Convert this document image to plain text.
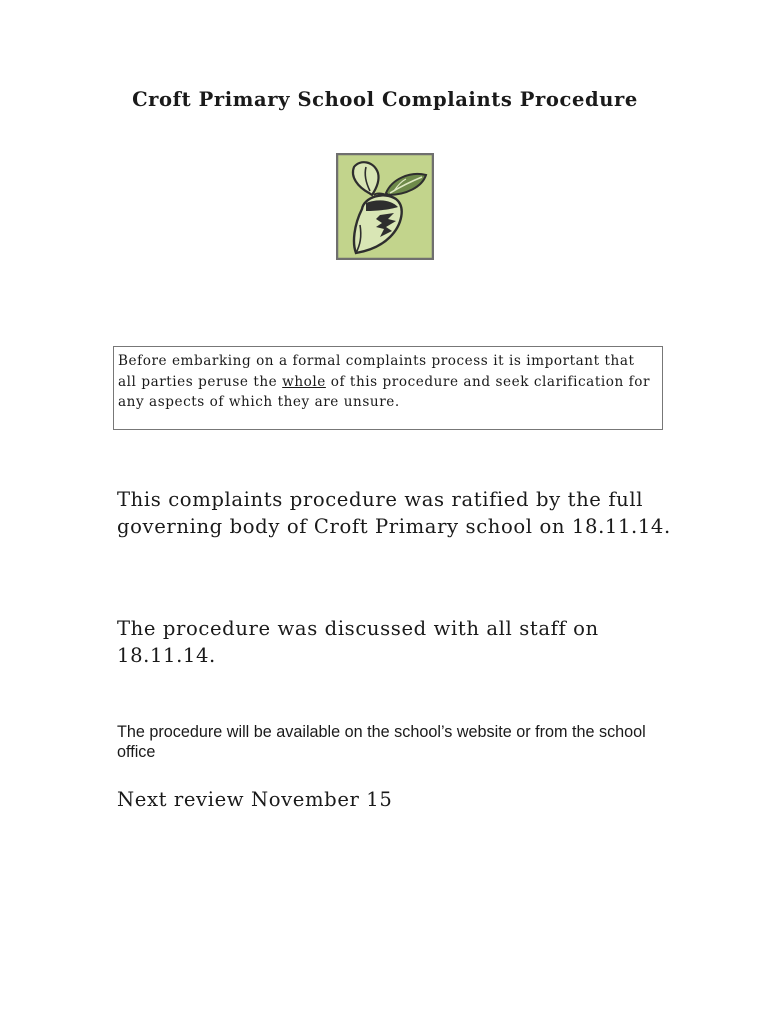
Croft Primary School Complaints Procedure
Before embarking on a formal complaints process it is important that all parties peruse the whole of this procedure and seek clarification for any aspects of which they are unsure.

This complaints procedure was ratified by the full governing body of Croft Primary school on 18.11.14.

The procedure was discussed with all staff on 18.11.14.

The procedure will be available on the school’s website or from the school office

Next review November 15
